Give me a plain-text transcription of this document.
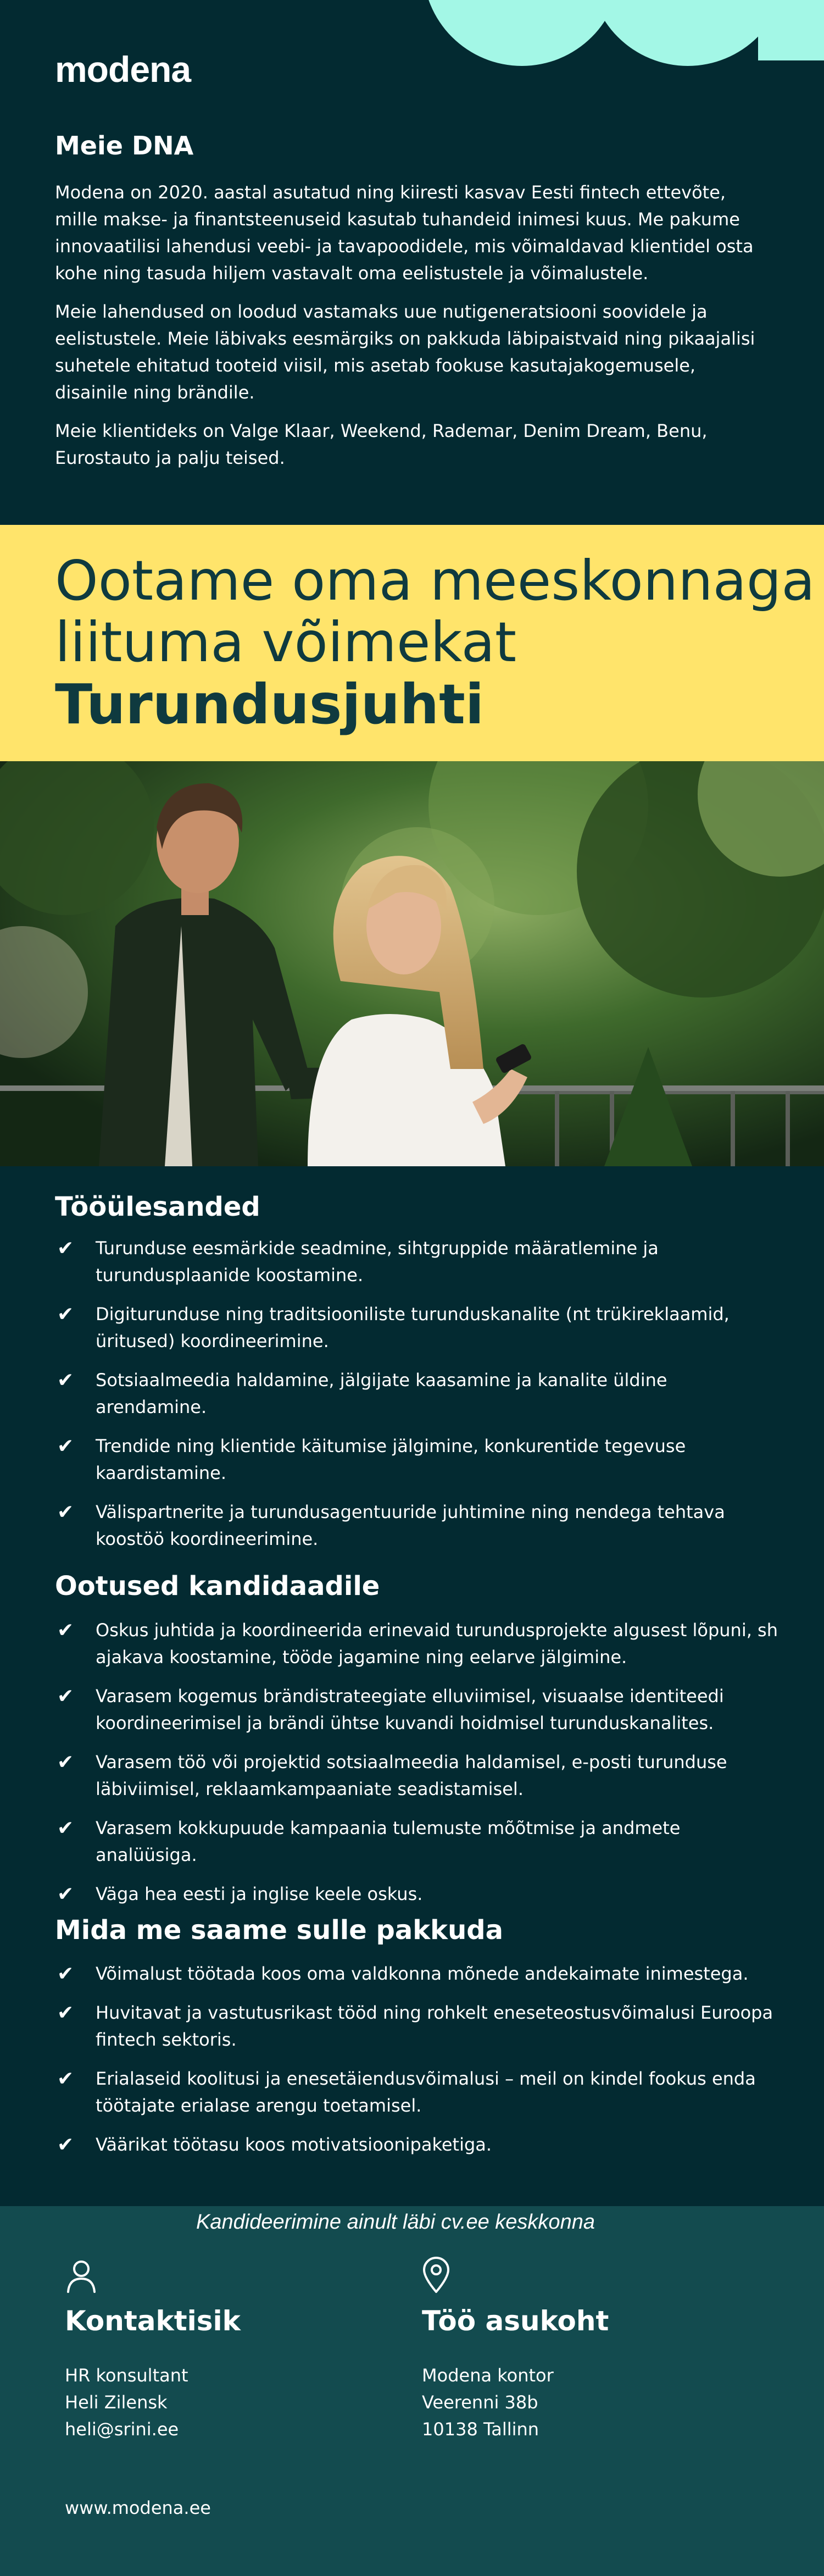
modena
Meie DNA

Modena on 2020. aastal asutatud ning kiiresti kasvav Eesti fintech ettevõte, mille makse- ja finantsteenuseid kasutab tuhandeid inimesi kuus. Me pakume innovaatilisi lahendusi veebi- ja tavapoodidele, mis võimaldavad klientidel osta kohe ning tasuda hiljem vastavalt oma eelistustele ja võimalustele.

Meie lahendused on loodud vastamaks uue nutigeneratsiooni soovidele ja eelistustele. Meie läbivaks eesmärgiks on pakkuda läbipaistvaid ning pikaajalisi suhetele ehitatud tooteid viisil, mis asetab fookuse kasutajakogemusele, disainile ning brändile.

Meie klientideks on Valge Klaar, Weekend, Rademar, Denim Dream, Benu, Eurostauto ja palju teised.

Ootame oma meeskonnaga
liituma võimekat
Turundusjuhti
Tööülesanded
✔ Turunduse eesmärkide seadmine, sihtgruppide määratlemine ja turundusplaanide koostamine.
✔ Digiturunduse ning traditsiooniliste turunduskanalite (nt trükireklaamid, üritused) koordineerimine.
✔ Sotsiaalmeedia haldamine, jälgijate kaasamine ja kanalite üldine arendamine.
✔ Trendide ning klientide käitumise jälgimine, konkurentide tegevuse kaardistamine.
✔ Välispartnerite ja turundusagentuuride juhtimine ning nendega tehtava koostöö koordineerimine.
Ootused kandidaadile
✔ Oskus juhtida ja koordineerida erinevaid turundusprojekte algusest lõpuni, sh ajakava koostamine, tööde jagamine ning eelarve jälgimine.
✔ Varasem kogemus brändistrateegiate elluviimisel, visuaalse identiteedi koordineerimisel ja brändi ühtse kuvandi hoidmisel turunduskanalites.
✔ Varasem töö või projektid sotsiaalmeedia haldamisel, e-posti turunduse läbiviimisel, reklaamkampaaniate seadistamisel.
✔ Varasem kokkupuude kampaania tulemuste mõõtmise ja andmete analüüsiga.
✔ Väga hea eesti ja inglise keele oskus.
Mida me saame sulle pakkuda
✔ Võimalust töötada koos oma valdkonna mõnede andekaimate inimestega.
✔ Huvitavat ja vastutusrikast tööd ning rohkelt eneseteostusvõimalusi Euroopa fintech sektoris.
✔ Erialaseid koolitusi ja enesetäiendusvõimalusi – meil on kindel fookus enda töötajate erialase arengu toetamisel.
✔ Väärikat töötasu koos motivatsioonipaketiga.
Kandideerimine ainult läbi cv.ee keskkonna
Kontaktisik
HR konsultant
Heli Zilensk
heli@srini.ee
Töö asukoht
Modena kontor
Veerenni 38b
10138 Tallinn
www.modena.ee
